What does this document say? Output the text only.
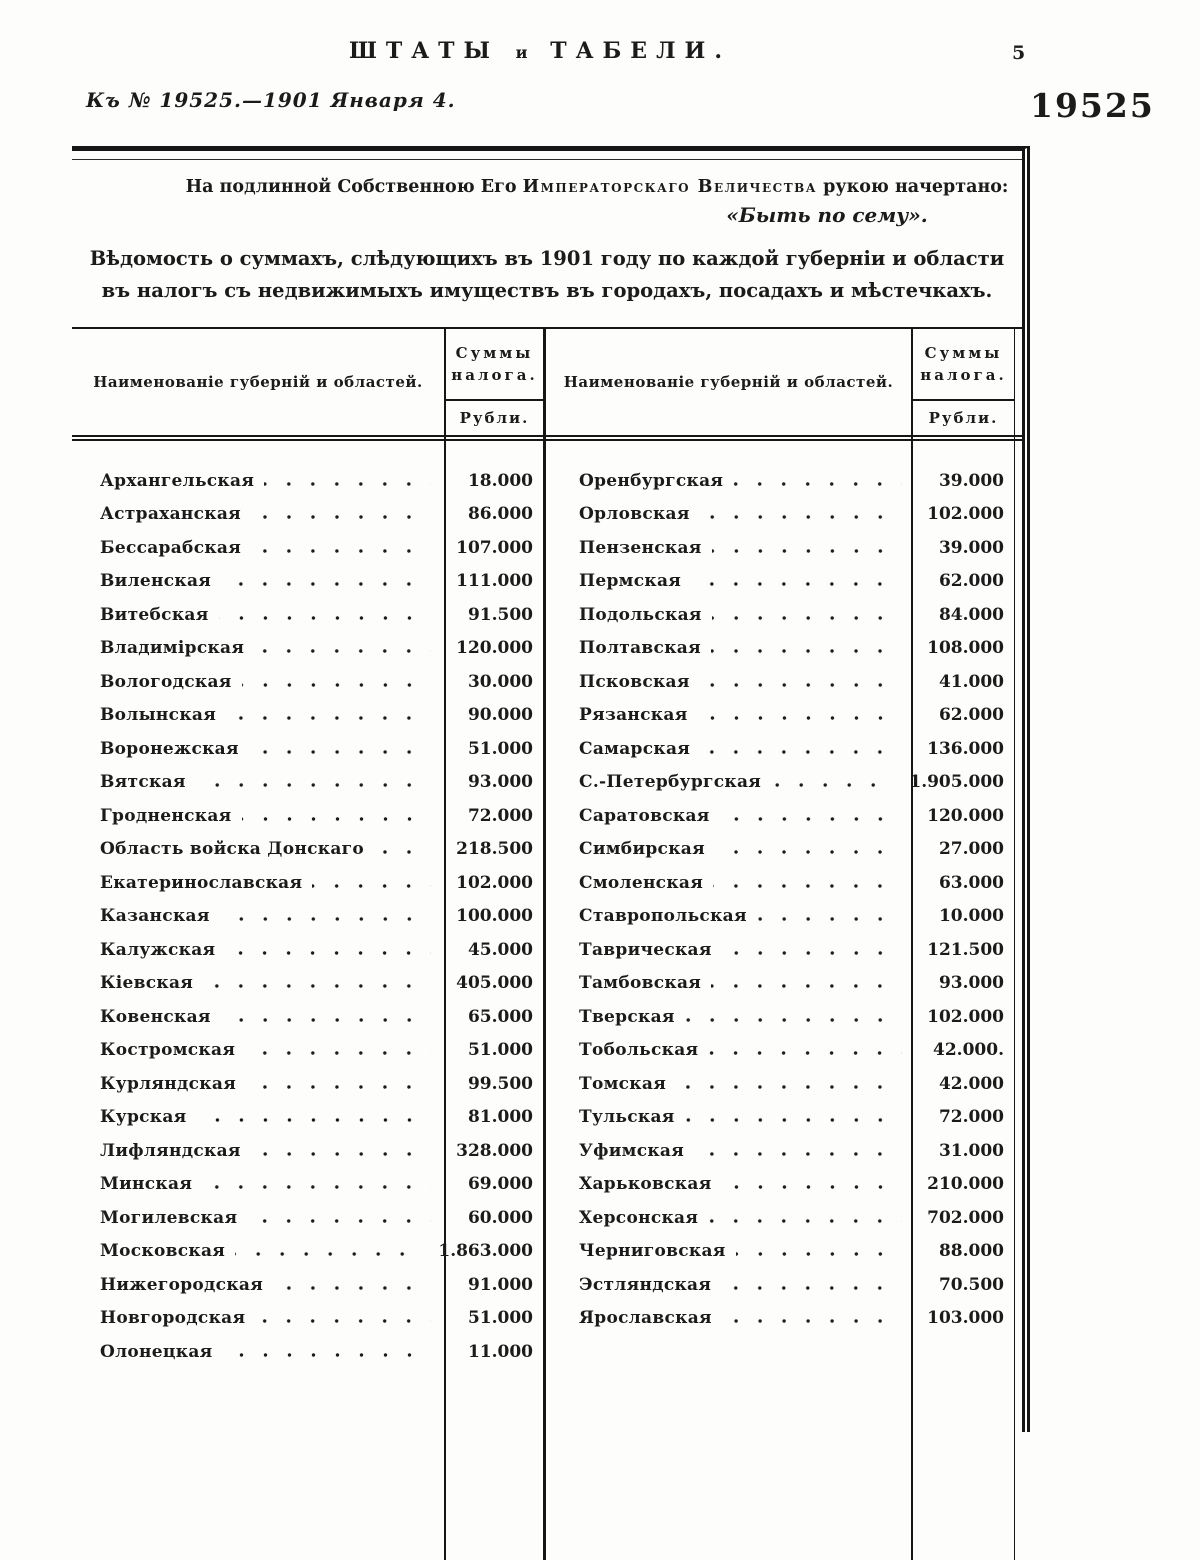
ШТАТЫ и ТАБЕЛИ.	5
Къ № 19525.—1901 Января 4.	19525
На подлинной Собственною Его Императорскаго Величества рукою начертано:
«Быть по сему».
Вѣдомость о суммахъ, слѣдующихъ въ 1901 году по каждой губерніи и области въ налогъ съ недвижимыхъ имуществъ въ городахъ, посадахъ и мѣстечкахъ.
Наименованіе губерній и областей.
Суммы
налога.
Рубли.
Наименованіе губерній и областей.
Суммы
налога.
Рубли.
Архангельская	18.000
Астраханская	86.000
Бессарабская	107.000
Виленская	111.000
Витебская	91.500
Владимірская	120.000
Вологодская	30.000
Волынская	90.000
Воронежская	51.000
Вятская	93.000
Гродненская	72.000
Область войска Донскаго	218.500
Екатеринославская	102.000
Казанская	100.000
Калужская	45.000
Кіевская	405.000
Ковенская	65.000
Костромская	51.000
Курляндская	99.500
Курская	81.000
Лифляндская	328.000
Минская	69.000
Могилевская	60.000
Московская	1.863.000
Нижегородская	91.000
Новгородская	51.000
Олонецкая	11.000
Оренбургская	39.000
Орловская	102.000
Пензенская	39.000
Пермская	62.000
Подольская	84.000
Полтавская	108.000
Псковская	41.000
Рязанская	62.000
Самарская	136.000
С.-Петербургская	1.905.000
Саратовская	120.000
Симбирская	27.000
Смоленская	63.000
Ставропольская	10.000
Таврическая	121.500
Тамбовская	93.000
Тверская	102.000
Тобольская	42.000.
Томская	42.000
Тульская	72.000
Уфимская	31.000
Харьковская	210.000
Херсонская	702.000
Черниговская	88.000
Эстляндская	70.500
Ярославская	103.000
